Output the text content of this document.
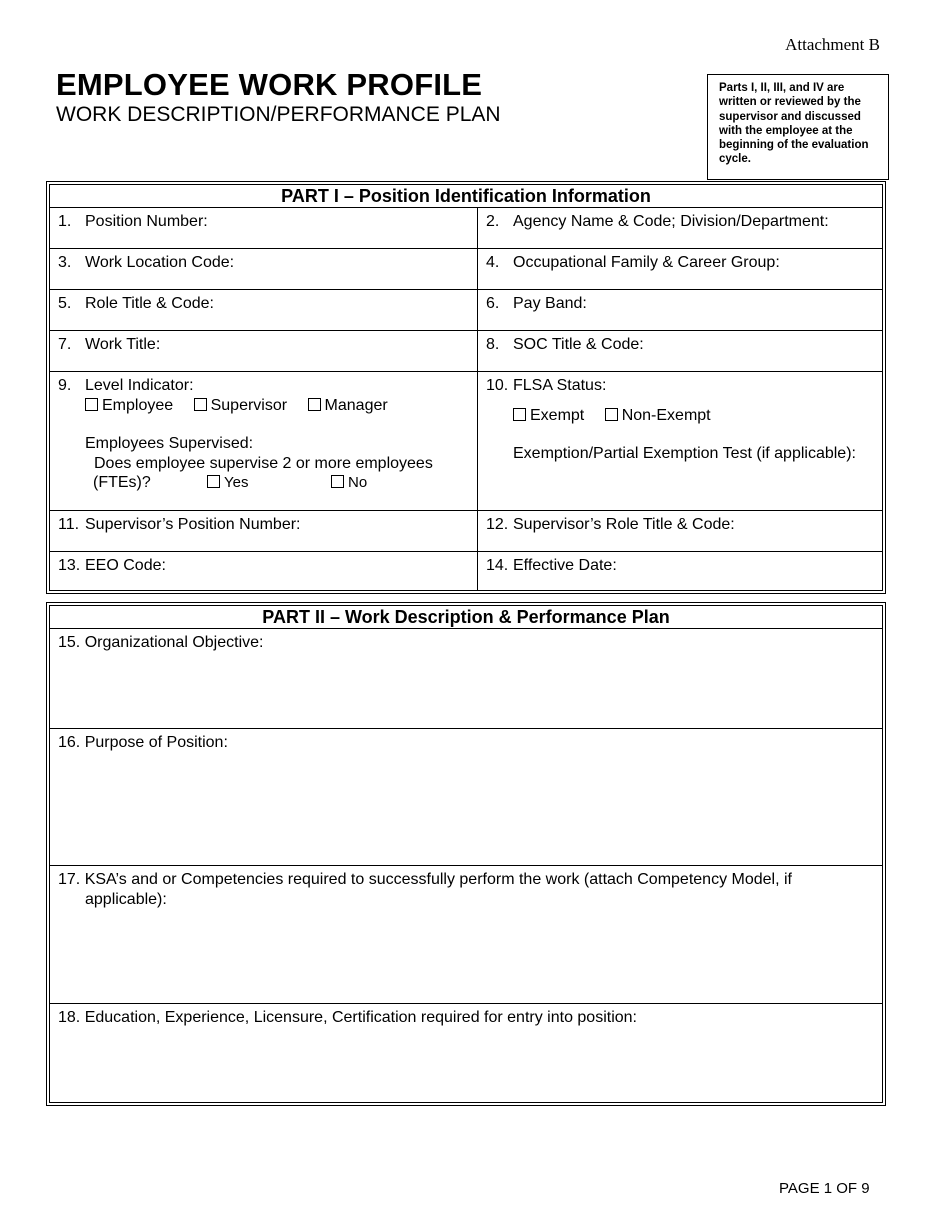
Attachment B
EMPLOYEE WORK PROFILE
WORK DESCRIPTION/PERFORMANCE PLAN
Parts I, II, III, and IV are written or reviewed by the supervisor and discussed with the employee at the beginning of the evaluation cycle.
PART I – Position Identification Information
1. Position Number:	2. Agency Name & Code; Division/Department:
3. Work Location Code:	4. Occupational Family & Career Group:
5. Role Title & Code:	6. Pay Band:
7. Work Title:	8. SOC Title & Code:
9. Level Indicator:
Employee Supervisor Manager
Employees Supervised:
Does employee supervise 2 or more employees
(FTEs)?	Yes	No
10. FLSA Status:
Exempt Non-Exempt
Exemption/Partial Exemption Test (if applicable):
11. Supervisor’s Position Number:	12. Supervisor’s Role Title & Code:
13. EEO Code:	14. Effective Date:
PART II – Work Description & Performance Plan
15. Organizational Objective:
16. Purpose of Position:
17. KSA’s and or Competencies required to successfully perform the work (attach Competency Model, if applicable):
18. Education, Experience, Licensure, Certification required for entry into position:
PAGE 1 OF 9
